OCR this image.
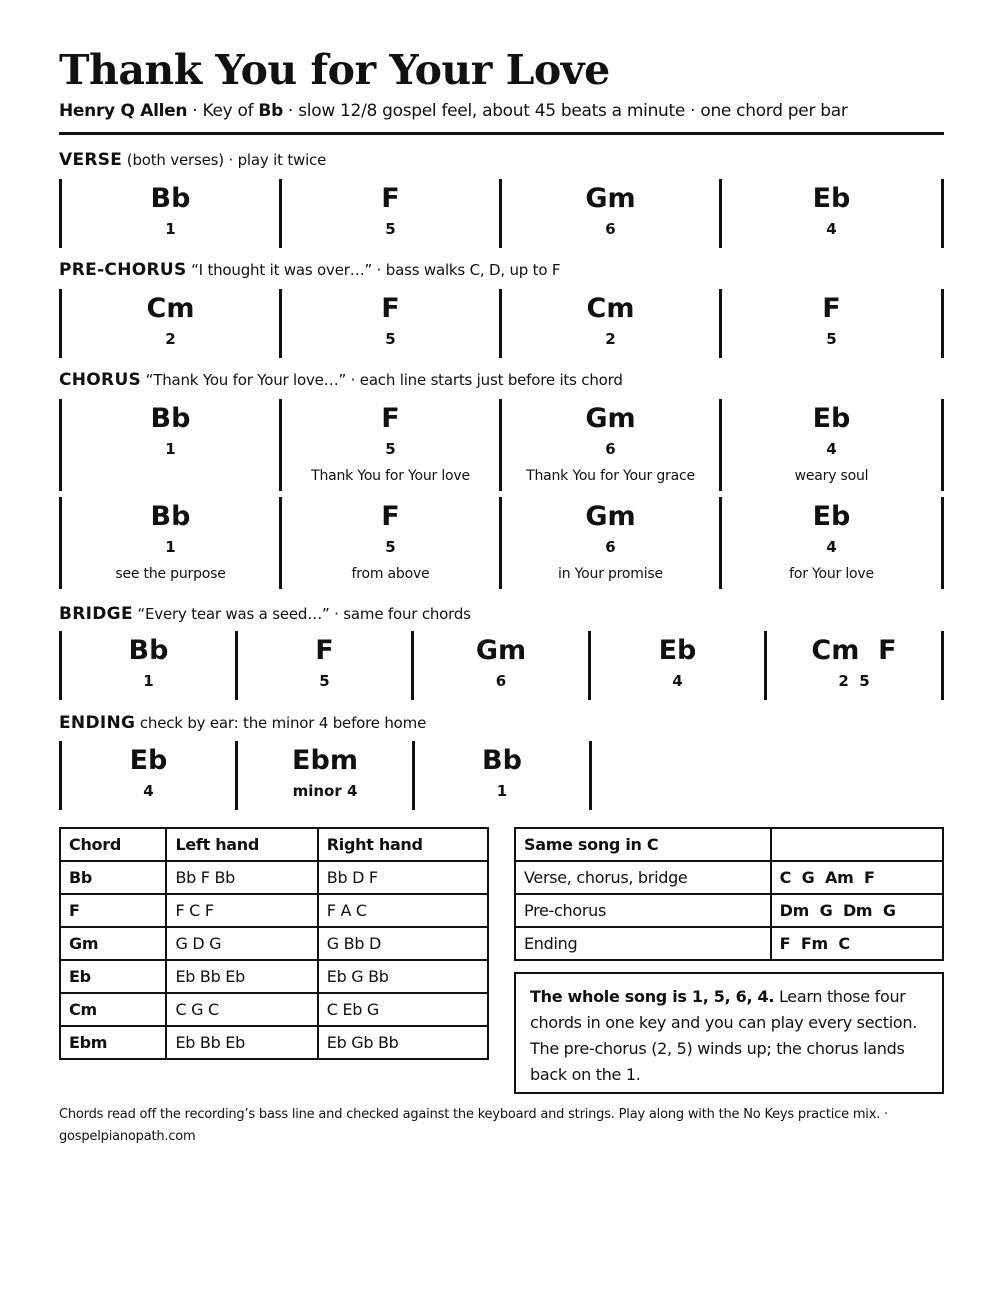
Thank You for Your Love
Henry Q Allen · Key of Bb · slow 12/8 gospel feel, about 45 beats a minute · one chord per bar
VERSE (both verses) · play it twice
Bb
1
F
5
Gm
6
Eb
4
PRE-CHORUS “I thought it was over…” · bass walks C, D, up to F
Cm
2
F
5
Cm
2
F
5
CHORUS “Thank You for Your love…” · each line starts just before its chord
Bb
1
F
5
Thank You for Your love
Gm
6
Thank You for Your grace
Eb
4
weary soul
Bb
1
see the purpose
F
5
from above
Gm
6
in Your promise
Eb
4
for Your love
BRIDGE “Every tear was a seed…” · same four chords
Bb
1
F
5
Gm
6
Eb
4
Cm  F
2  5
ENDING check by ear: the minor 4 before home
Eb
4
Ebm
minor 4
Bb
1
Chord	Left hand	Right hand
Bb	Bb F Bb	Bb D F
F	F C F	F A C
Gm	G D G	G Bb D
Eb	Eb Bb Eb	Eb G Bb
Cm	C G C	C Eb G
Ebm	Eb Bb Eb	Eb Gb Bb
Same song in C	
Verse, chorus, bridge	C  G  Am  F
Pre-chorus	Dm  G  Dm  G
Ending	F  Fm  C
The whole song is 1, 5, 6, 4. Learn those four chords in one key and you can play every section. The pre-chorus (2, 5) winds up; the chorus lands back on the 1.
Chords read off the recording’s bass line and checked against the keyboard and strings. Play along with the No Keys practice mix. · gospelpianopath.com
